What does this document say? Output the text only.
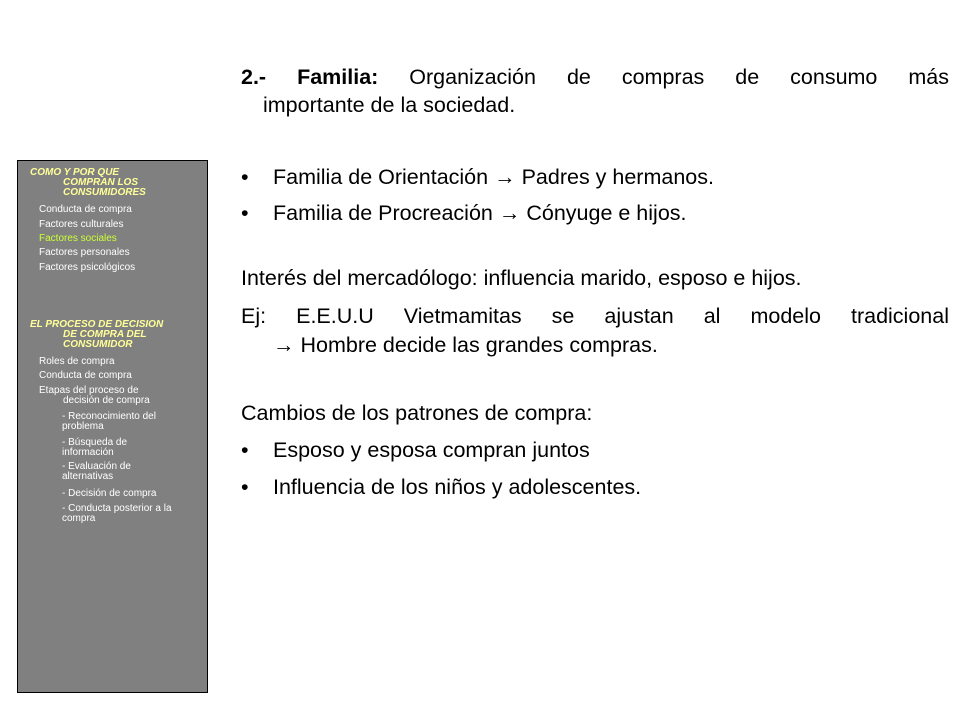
COMO Y POR QUE
COMPRAN LOS
CONSUMIDORES
Conducta de compra
Factores culturales
Factores sociales
Factores personales
Factores psicológicos
EL PROCESO DE DECISION
DE COMPRA DEL
CONSUMIDOR
Roles de compra
Conducta de compra
Etapas del proceso de
decisión de compra
- Reconocimiento del
problema
- Búsqueda de
información
- Evaluación de
alternativas
- Decisión de compra
- Conducta posterior a la
compra
2.- Familia: Organización de compras de consumo más
importante de la sociedad.
• Familia de Orientación → Padres y hermanos.
• Familia de Procreación → Cónyuge e hijos.
Interés del mercadólogo: influencia marido, esposo e hijos.
Ej: E.E.U.U Vietmamitas se ajustan al modelo tradicional
→ Hombre decide las grandes compras.
Cambios de los patrones de compra:
• Esposo y esposa compran juntos
• Influencia de los niños y adolescentes.
